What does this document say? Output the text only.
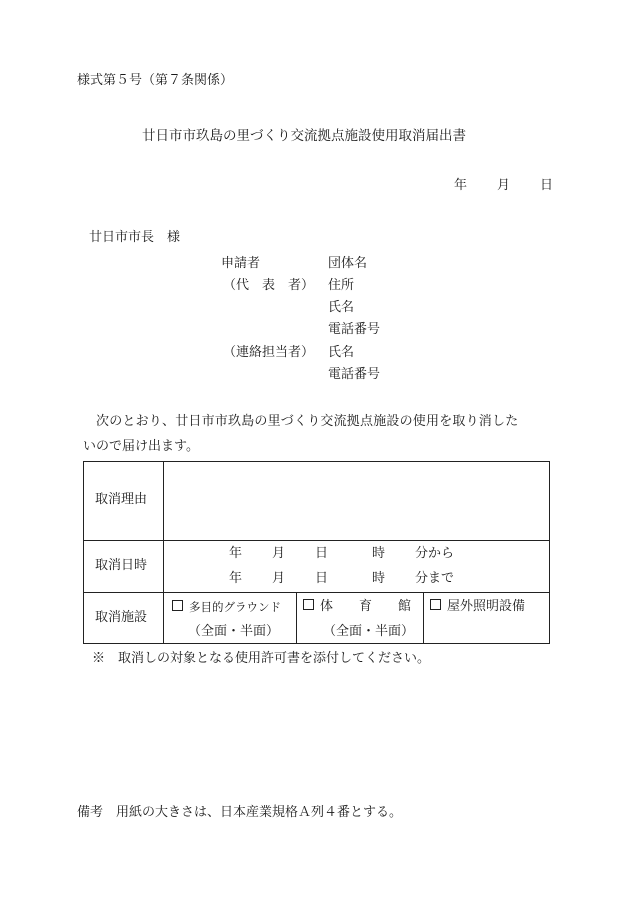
様式第５号（第７条関係）
廿日市市玖島の里づくり交流拠点施設使用取消届出書
年 月 日
廿日市市長　様
申請者
（代　表　者）
（連絡担当者）
団体名
住所
氏名
電話番号
氏名
電話番号
次のとおり、廿日市市玖島の里づくり交流拠点施設の使用を取り消した
いので届け出ます。
取消理由
取消日時
年 月 日	時 分から
年 月 日	時 分まで
取消施設
多目的グラウンド
（全面・半面）
体　　育　　館
（全面・半面）
屋外照明設備
※　取消しの対象となる使用許可書を添付してください。
備考　用紙の大きさは、日本産業規格Ａ列４番とする。
